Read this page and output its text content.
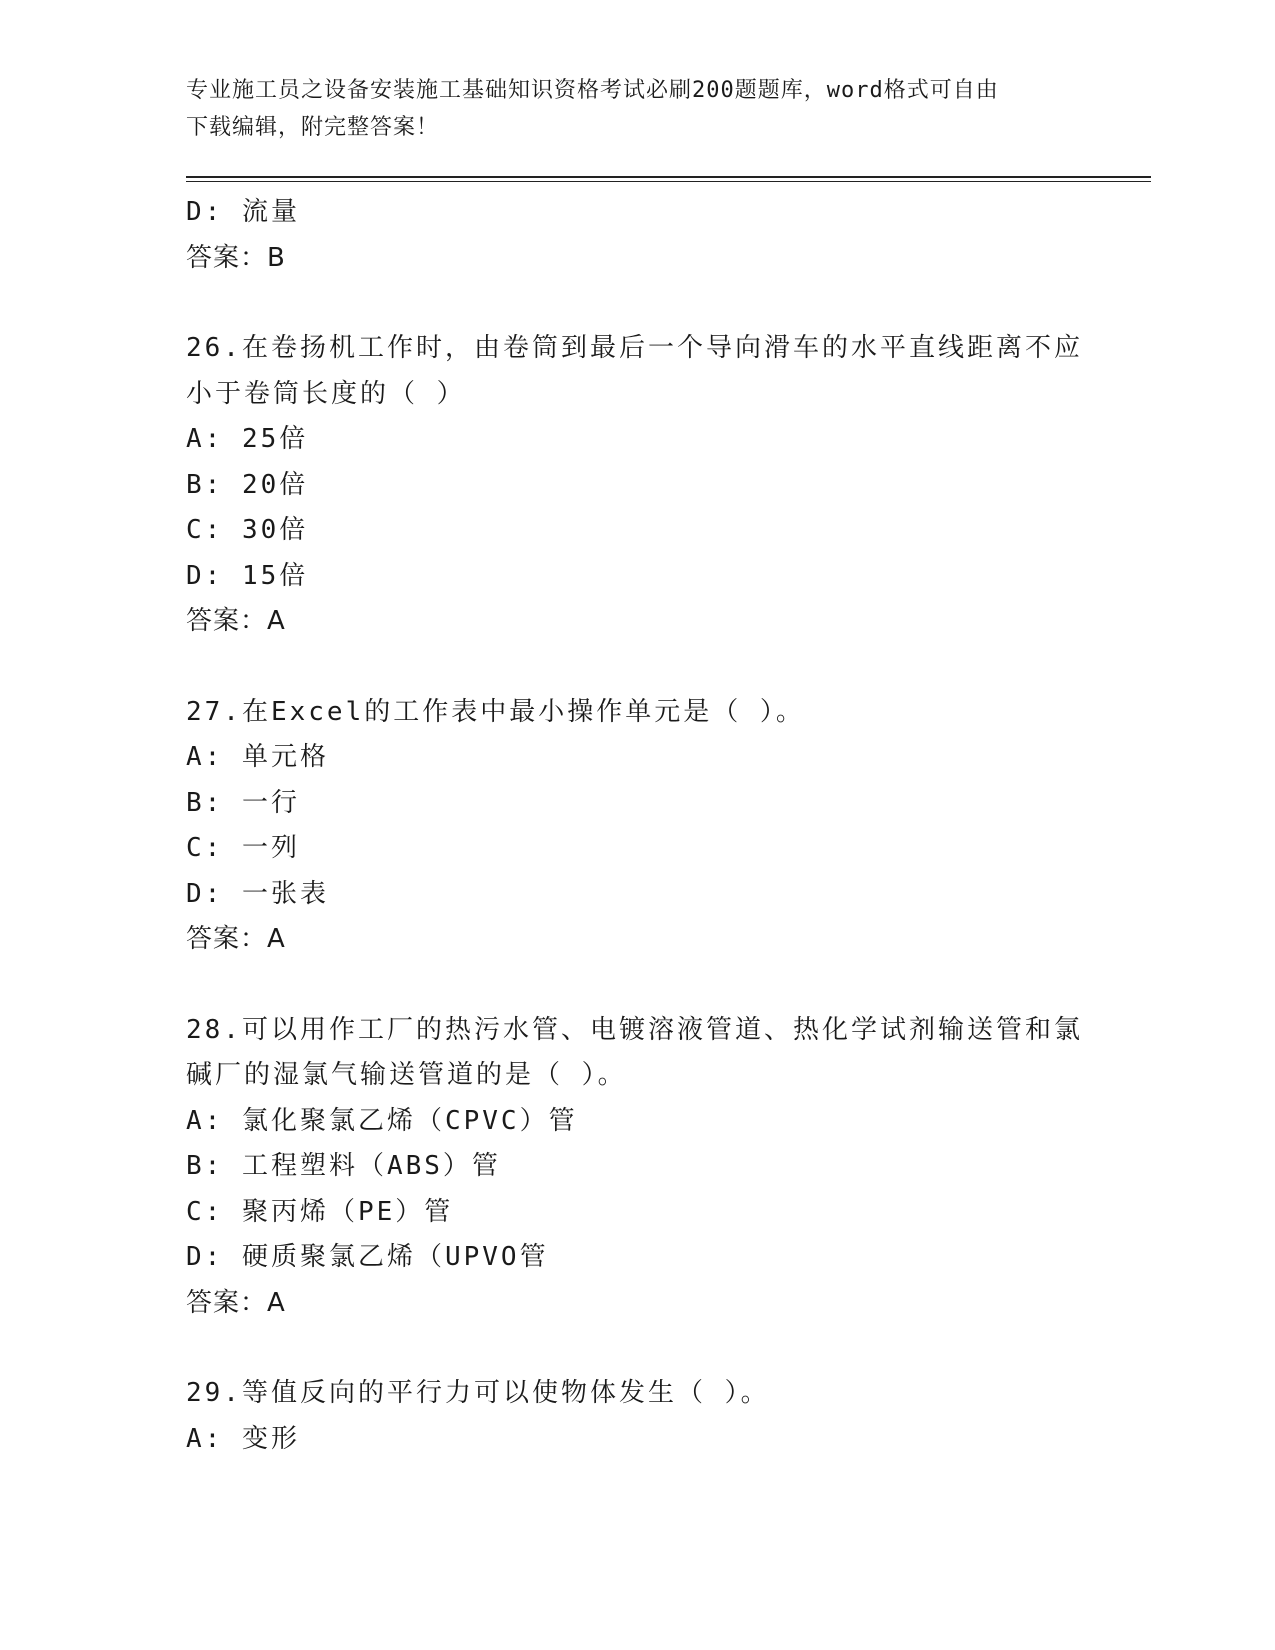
专业施工员之设备安装施工基础知识资格考试必刷200题题库，word格式可自由
下载编辑，附完整答案！
D: 流量
答案：B
26.在卷扬机工作时，由卷筒到最后一个导向滑车的水平直线距离不应
小于卷筒长度的（ ）
A: 25倍
B: 20倍
C: 30倍
D: 15倍
答案：A
27.在Excel的工作表中最小操作单元是（ ）。
A: 单元格
B: 一行
C: 一列
D: 一张表
答案：A
28.可以用作工厂的热污水管、电镀溶液管道、热化学试剂输送管和氯
碱厂的湿氯气输送管道的是（ ）。
A: 氯化聚氯乙烯（CPVC）管
B: 工程塑料（ABS）管
C: 聚丙烯（PE）管
D: 硬质聚氯乙烯（UPVO管
答案：A
29.等值反向的平行力可以使物体发生（ ）。
A: 变形
